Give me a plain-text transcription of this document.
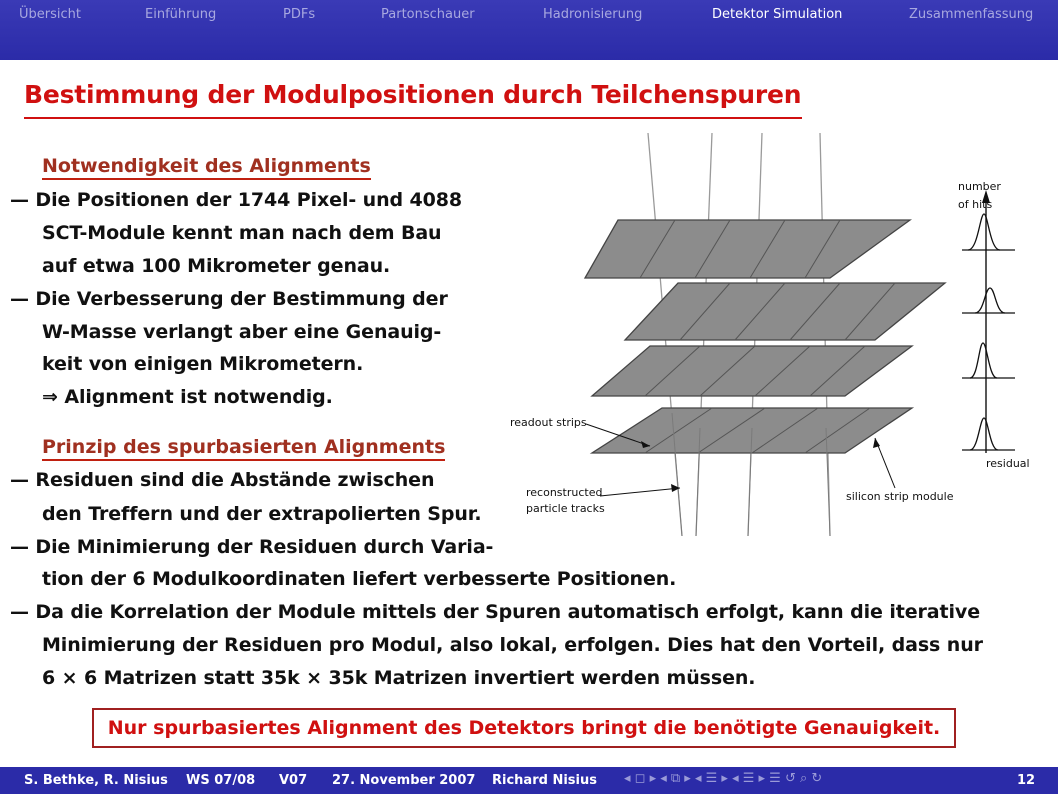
Übersicht	Einführung	PDFs	Partonschauer	Hadronisierung	Detektor Simulation	Zusammenfassung
Bestimmung der Modulpositionen durch Teilchenspuren
number
of hits
readout strips
reconstructed
particle tracks
silicon strip module
residual
Notwendigkeit des Alignments
— Die Positionen der 1744 Pixel- und 4088
SCT-Module kennt man nach dem Bau
auf etwa 100 Mikrometer genau.
— Die Verbesserung der Bestimmung der
W-Masse verlangt aber eine Genauig-
keit von einigen Mikrometern.
⇒ Alignment ist notwendig.
Prinzip des spurbasierten Alignments
— Residuen sind die Abstände zwischen
den Treffern und der extrapolierten Spur.
— Die Minimierung der Residuen durch Varia-
tion der 6 Modulkoordinaten liefert verbesserte Positionen.
— Da die Korrelation der Module mittels der Spuren automatisch erfolgt, kann die iterative
Minimierung der Residuen pro Modul, also lokal, erfolgen. Dies hat den Vorteil, dass nur
6 × 6 Matrizen statt 35k × 35k Matrizen invertiert werden müssen.
Nur spurbasiertes Alignment des Detektors bringt die benötigte Genauigkeit.
S. Bethke, R. Nisius WS 07/08 V07 27. November 2007 Richard Nisius ◂ ◻ ▸ ◂ ⧉ ▸ ◂ ☰ ▸ ◂ ☰ ▸ ☰ ↺ ⌕ ↻	12
